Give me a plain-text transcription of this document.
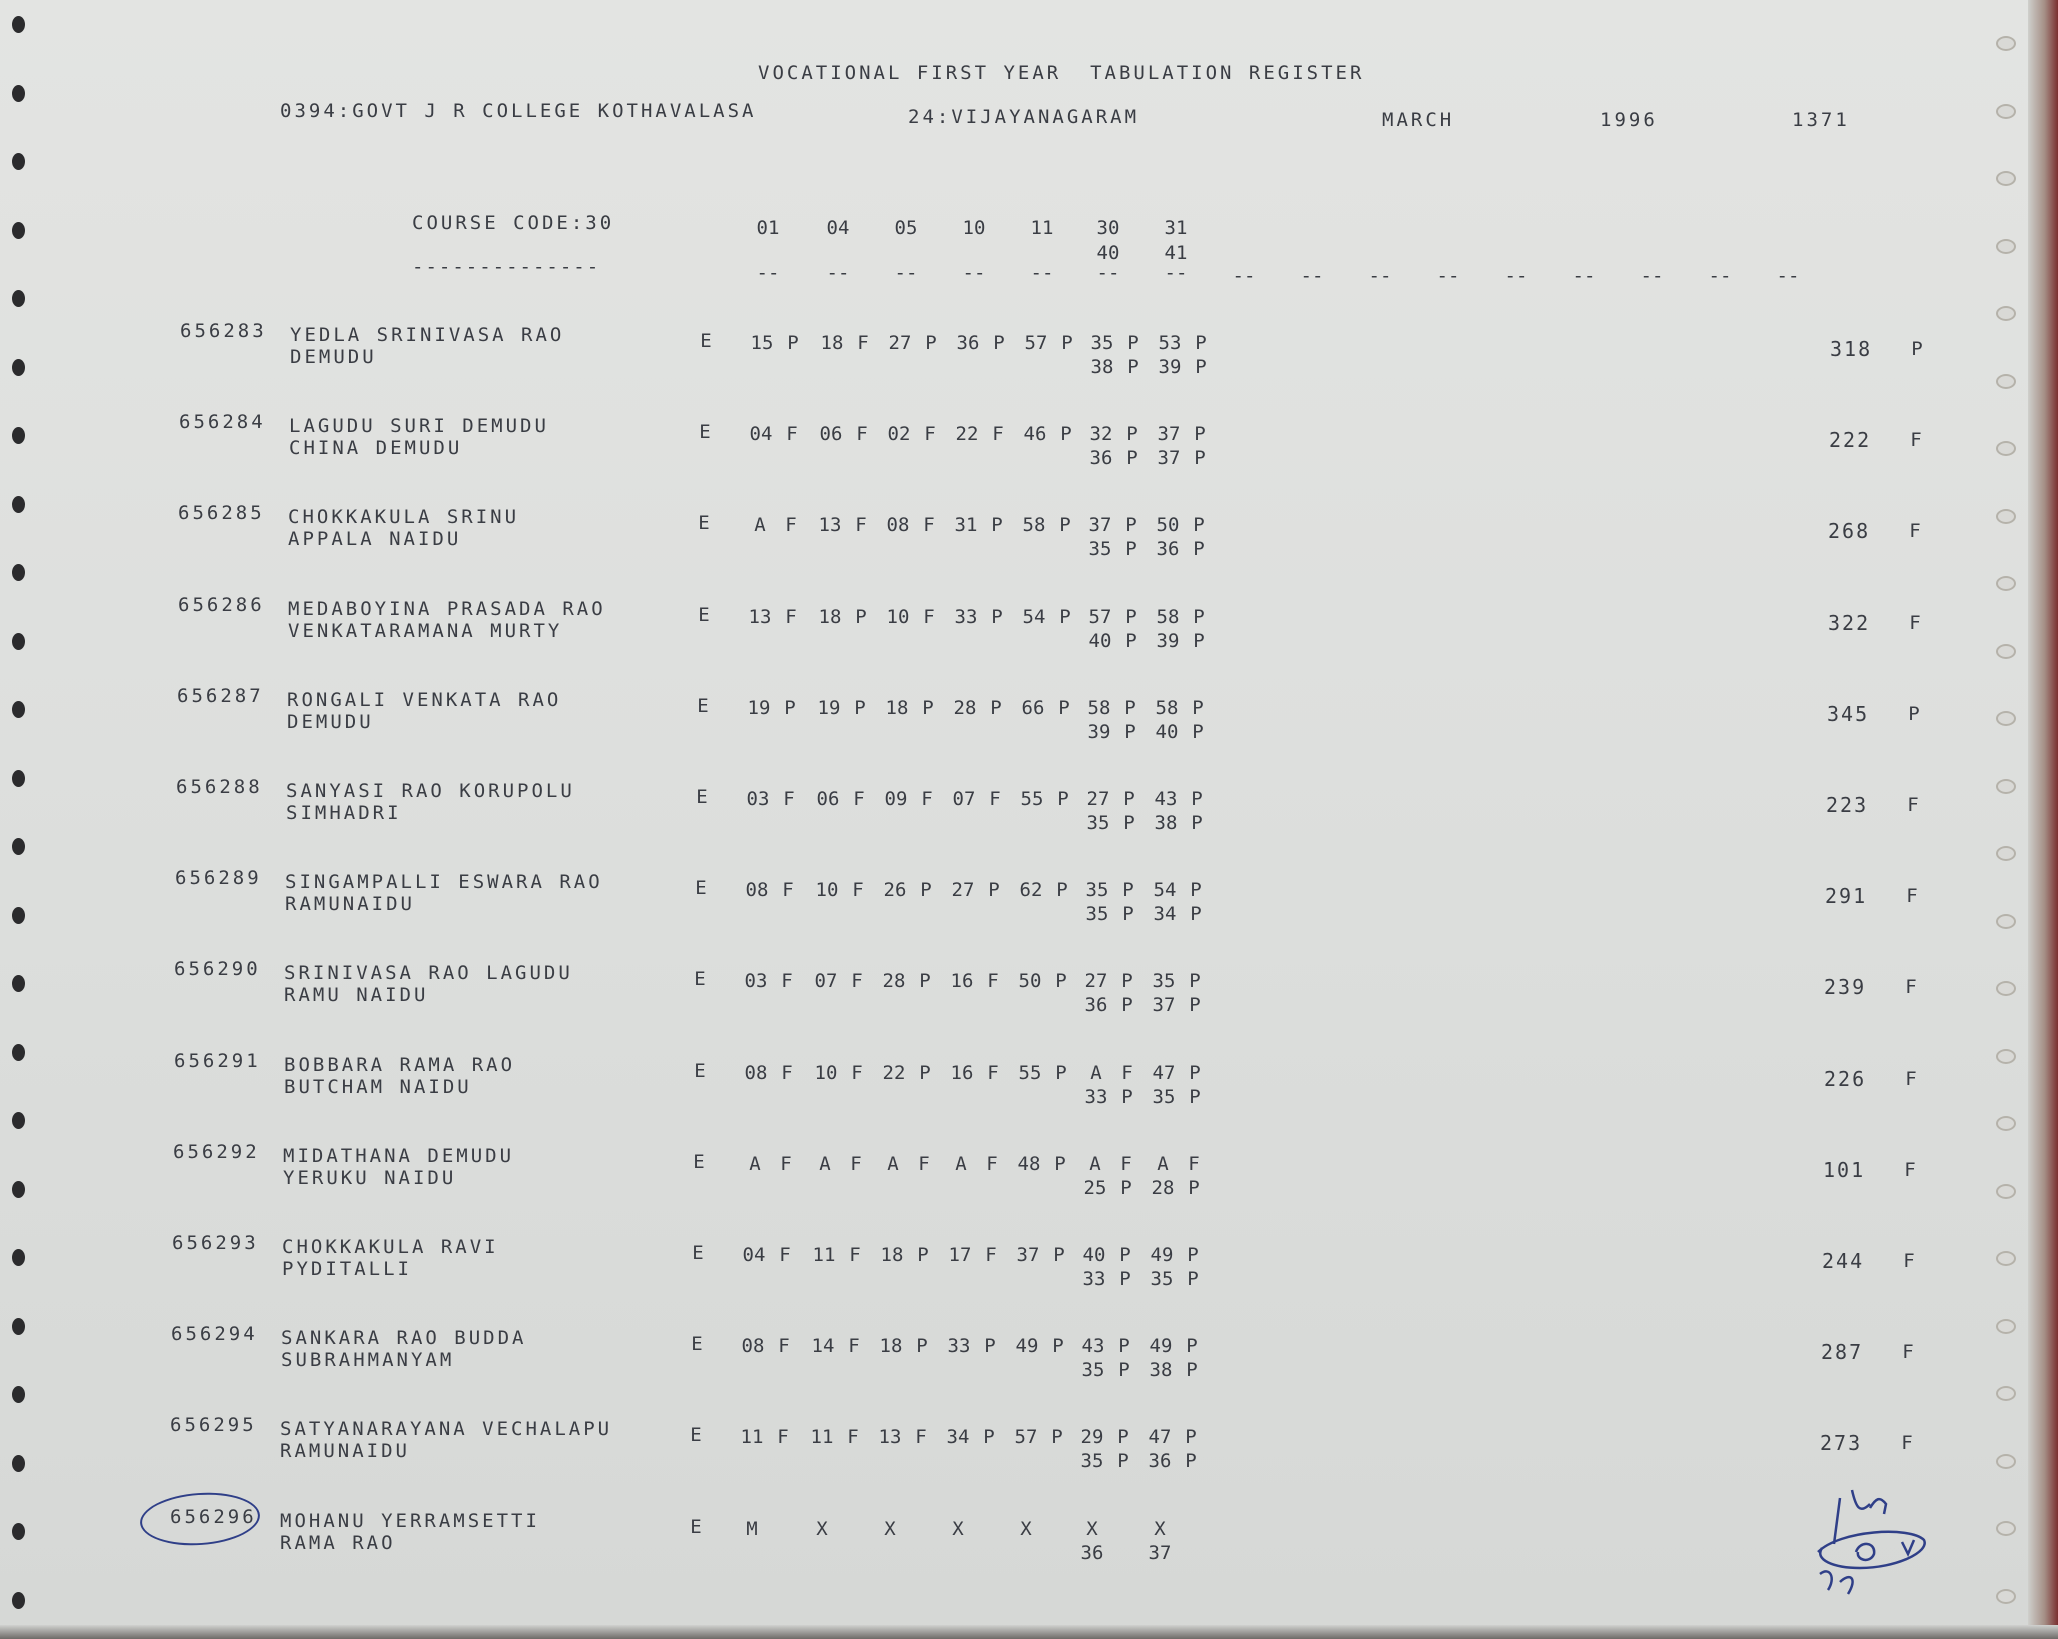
VOCATIONAL FIRST YEAR  TABULATION REGISTER
0394:GOVT J R COLLEGE KOTHAVALASA	24:VIJAYANAGARAM	MARCH	1996	1371
COURSE CODE:30
--------------
01	04	05	10	11	30	31
40	41
--	--	--	--	--	--	--	--	--	--	--	--	--	--	--	--
656283 YEDLA SRINIVASA RAO
DEMUDU
E	15 P	18 F	27 P	36 P	57 P 35 P	53 P
38 P	39 P
318 P
656284 LAGUDU SURI DEMUDU
CHINA DEMUDU
E	04 F	06 F	02 F	22 F	46 P 32 P	37 P
36 P	37 P
222 F
656285 CHOKKAKULA SRINU
APPALA NAIDU
E	A	F	13 F	08 F	31 P	58 P 37 P	50 P
35 P	36 P
268 F
656286 MEDABOYINA PRASADA RAO
VENKATARAMANA MURTY
E	13 F	18 P	10 F	33 P	54 P 57 P	58 P
40 P	39 P
322 F
656287 RONGALI VENKATA RAO
DEMUDU
E	19 P	19 P	18 P	28 P	66 P 58 P	58 P
39 P	40 P
345 P
656288 SANYASI RAO KORUPOLU
SIMHADRI
E	03 F	06 F	09 F	07 F	55 P 27 P	43 P
35 P	38 P
223 F
656289 SINGAMPALLI ESWARA RAO
RAMUNAIDU
E	08 F	10 F	26 P	27 P	62 P 35 P	54 P
35 P	34 P
291 F
656290 SRINIVASA RAO LAGUDU
RAMU NAIDU
E	03 F	07 F	28 P	16 F	50 P 27 P	35 P
36 P	37 P
239 F
656291 BOBBARA RAMA RAO
BUTCHAM NAIDU
E	08 F	10 F	22 P	16 F	55 P	A	F	47 P
33 P	35 P
226 F
656292 MIDATHANA DEMUDU
YERUKU NAIDU
E	A	F	A	F	A	F	A	F	48 P	A	F	A	F
25 P	28 P
101 F
656293 CHOKKAKULA RAVI
PYDITALLI
E	04 F	11 F	18 P	17 F	37 P 40 P	49 P
33 P	35 P
244 F
656294 SANKARA RAO BUDDA
SUBRAHMANYAM
E	08 F	14 F	18 P	33 P	49 P 43 P	49 P
35 P	38 P
287 F
656295 SATYANARAYANA VECHALAPU
RAMUNAIDU
E	11 F	11 F	13 F	34 P	57 P 29 P	47 P
35 P	36 P
273 F
656296 MOHANU YERRAMSETTI
RAMA RAO
E	M	X	X	X	X	X	X
36	37
